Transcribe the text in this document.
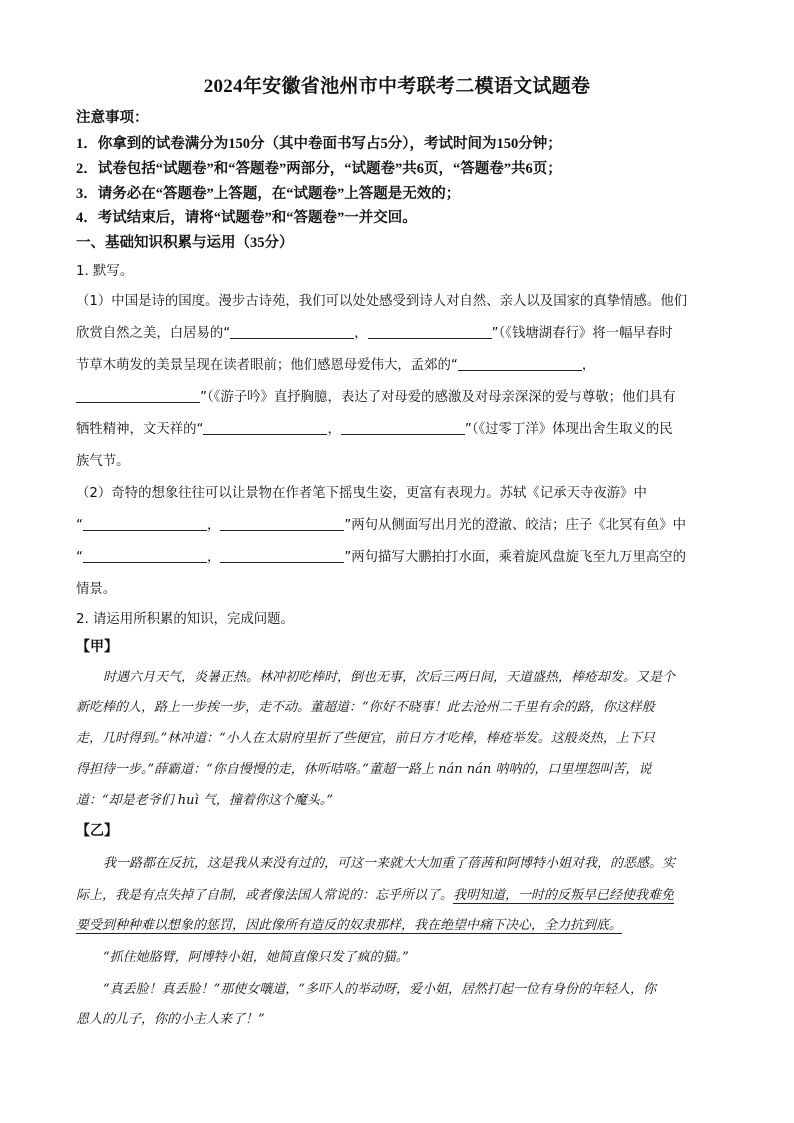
2024年安徽省池州市中考联考二模语文试题卷
注意事项：
1．你拿到的试卷满分为150分（其中卷面书写占5分），考试时间为150分钟；
2．试卷包括“试题卷”和“答题卷”两部分，“试题卷”共6页，“答题卷”共6页；
3．请务必在“答题卷”上答题，在“试题卷”上答题是无效的；
4．考试结束后，请将“试题卷”和“答题卷”一并交回。
一、基础知识积累与运用（35分）
1. 默写。
（1）中国是诗的国度。漫步古诗苑，我们可以处处感受到诗人对自然、亲人以及国家的真挚情感。他们
欣赏自然之美，白居易的“	，	”（《钱塘湖春行》将一幅早春时
节草木萌发的美景呈现在读者眼前；他们感恩母爱伟大，孟郊的“	，
”（《游子吟》直抒胸臆，表达了对母爱的感激及对母亲深深的爱与尊敬；他们具有
牺牲精神，文天祥的“	，	”（《过零丁洋》体现出舍生取义的民
族气节。
（2）奇特的想象往往可以让景物在作者笔下摇曳生姿，更富有表现力。苏轼《记承天寺夜游》中
“	，	”两句从侧面写出月光的澄澈、皎洁；庄子《北冥有鱼》中
“	，	”两句描写大鹏拍打水面，乘着旋风盘旋飞至九万里高空的
情景。
2. 请运用所积累的知识，完成问题。
【甲】
时遇六月天气，炎暑正热。林冲初吃棒时，倒也无事，次后三两日间，天道盛热，棒疮却发。又是个
新吃棒的人，路上一步挨一步，走不动。董超道：“你好不晓事！此去沧州二千里有余的路，你这样般
走，几时得到。”林冲道：“小人在太尉府里折了些便宜，前日方才吃棒，棒疮举发。这般炎热，上下只
得担待一步。”薛霸道：“你自慢慢的走，休听咭咯。”董超一路上 nán nán 呐呐的，口里埋怨叫苦，说
道：“却是老爷们 huì 气，撞着你这个魔头。”
【乙】
我一路都在反抗，这是我从来没有过的，可这一来就大大加重了蓓茜和阿博特小姐对我，的恶感。实
际上，我是有点失掉了自制，或者像法国人常说的：忘乎所以了。我明知道，一时的反叛早已经使我难免
要受到种种难以想象的惩罚，因此像所有造反的奴隶那样，我在绝望中痛下决心，全力抗到底。
“抓住她胳臂，阿博特小姐，她简直像只发了疯的猫。”
“真丢脸！真丢脸！”那使女嚷道，“多吓人的举动呀，爱小姐，居然打起一位有身份的年轻人，你
恩人的儿子，你的小主人来了！”
